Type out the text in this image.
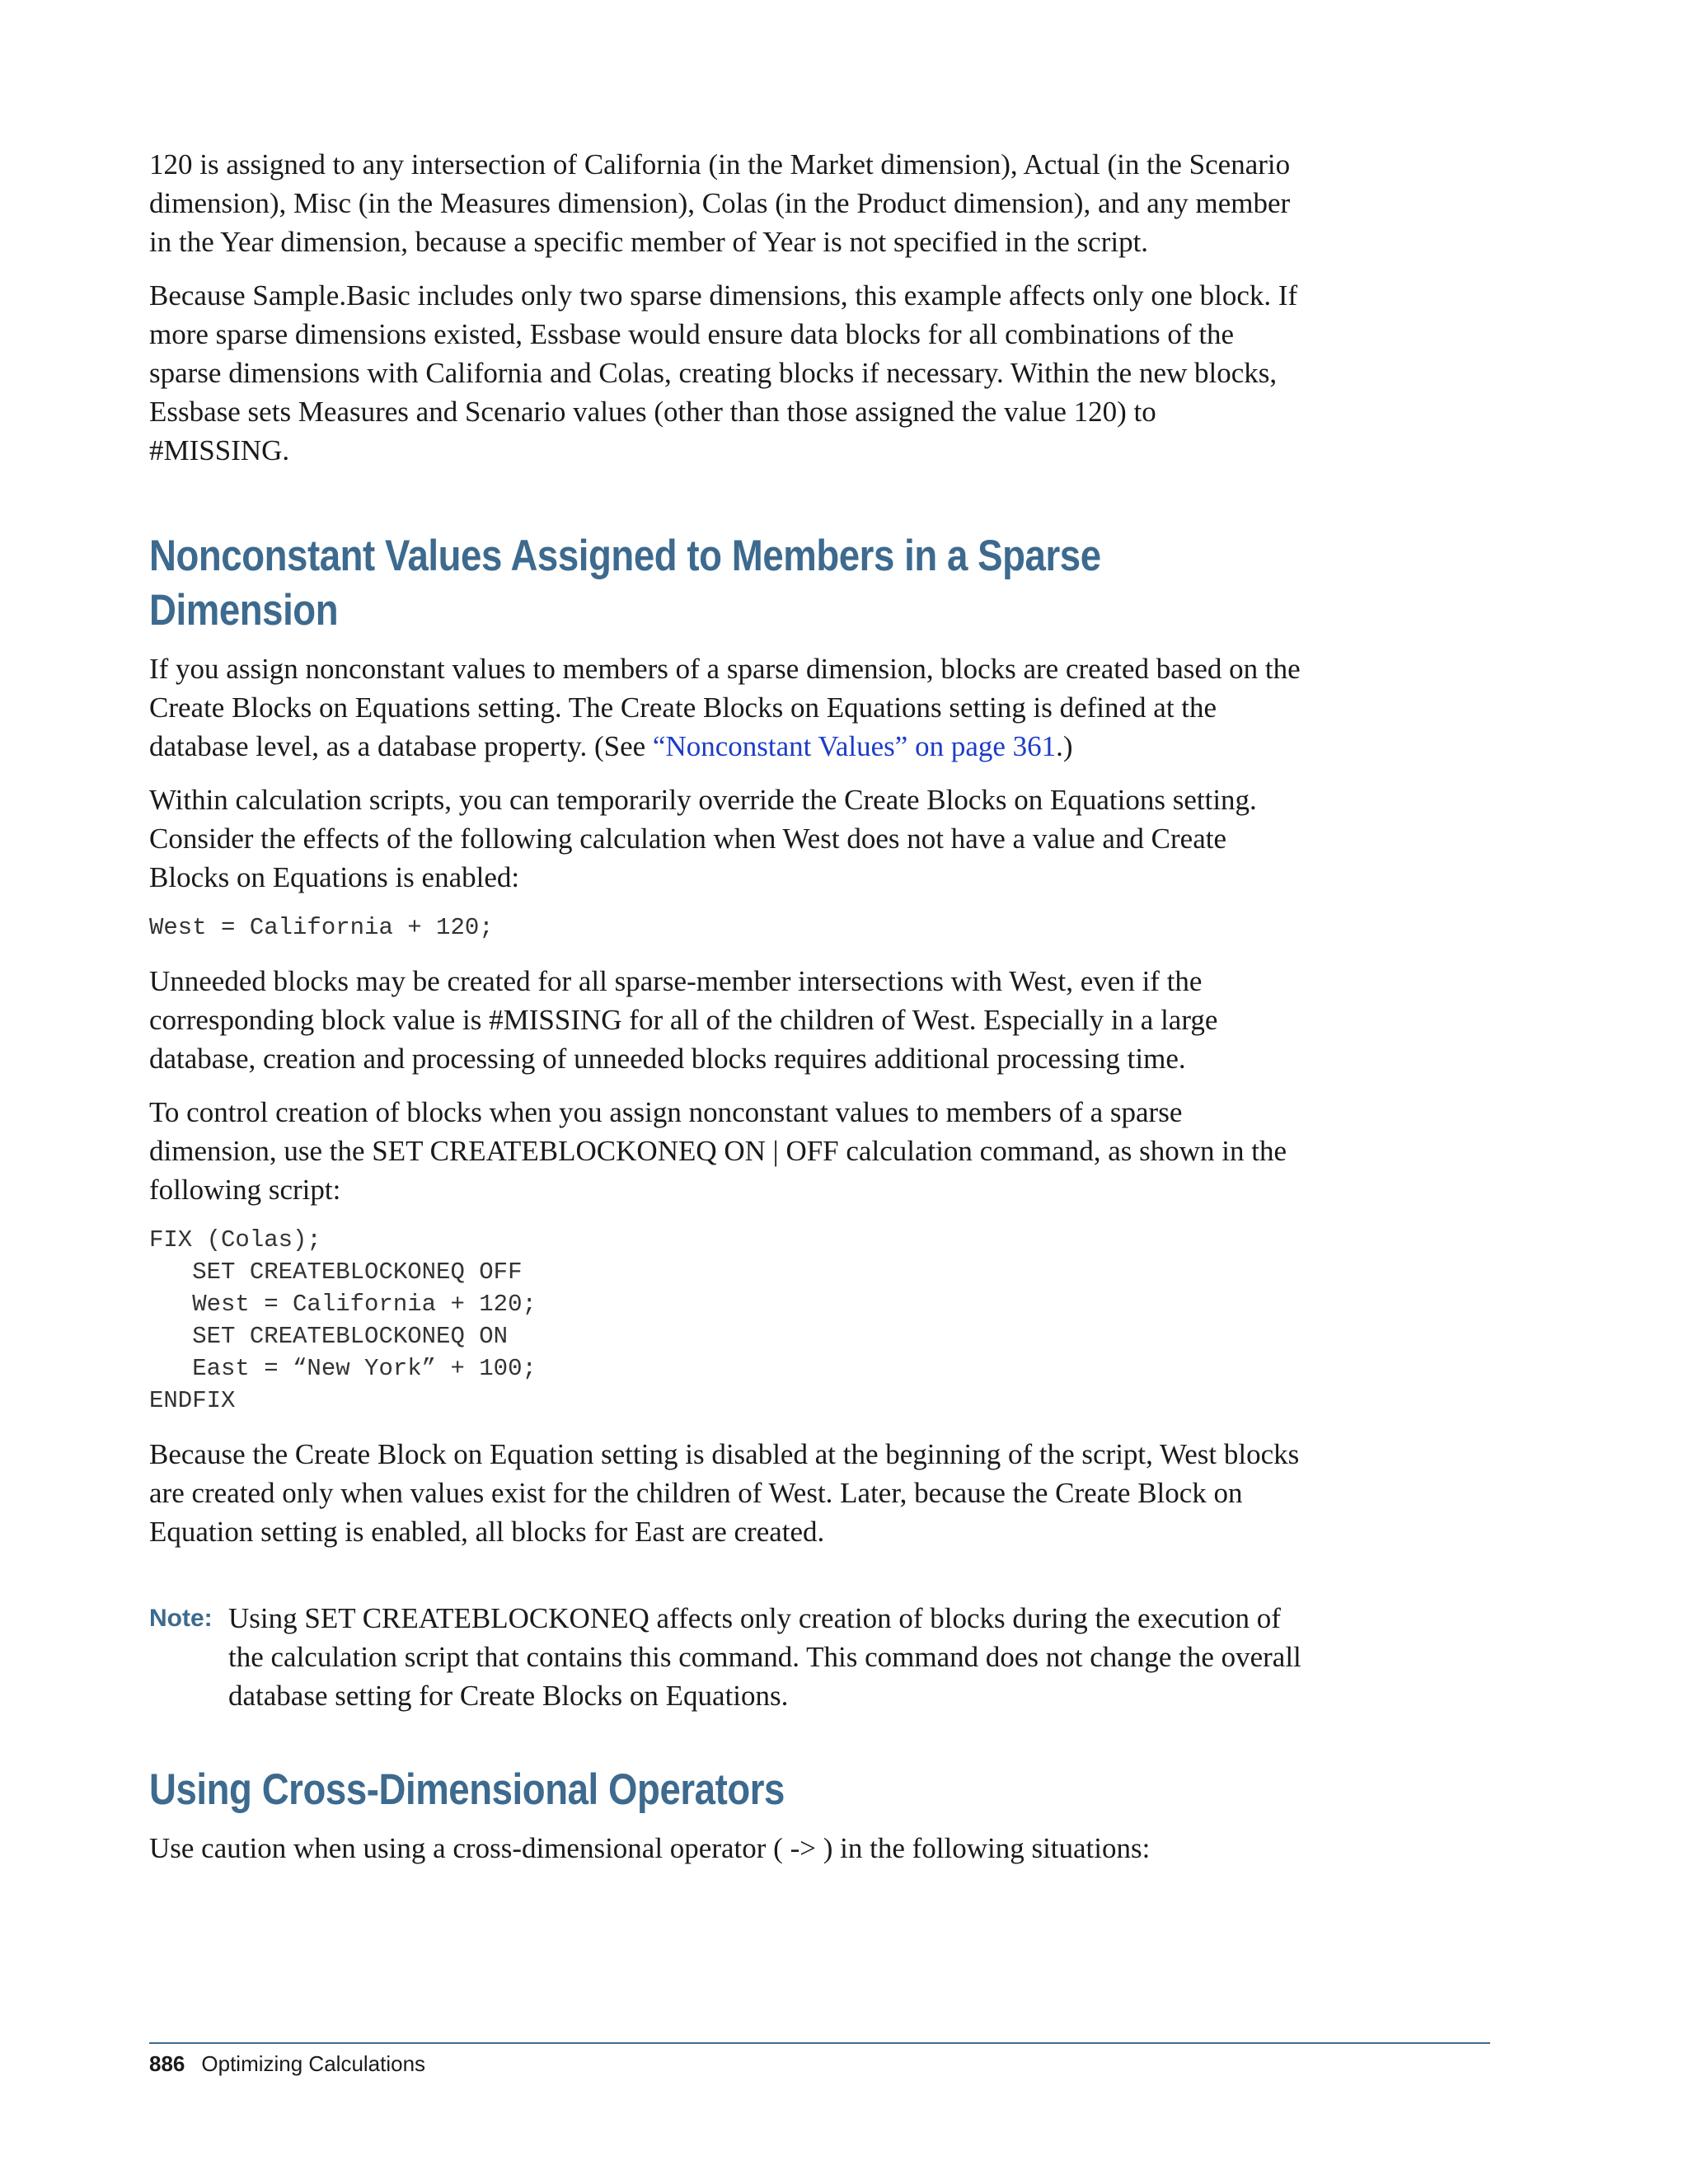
120 is assigned to any intersection of California (in the Market dimension), Actual (in the Scenario dimension), Misc (in the Measures dimension), Colas (in the Product dimension), and any member in the Year dimension, because a specific member of Year is not specified in the script.

Because Sample.Basic includes only two sparse dimensions, this example affects only one block. If more sparse dimensions existed, Essbase would ensure data blocks for all combinations of the sparse dimensions with California and Colas, creating blocks if necessary. Within the new blocks, Essbase sets Measures and Scenario values (other than those assigned the value 120) to #MISSING.

Nonconstant Values Assigned to Members in a Sparse Dimension

If you assign nonconstant values to members of a sparse dimension, blocks are created based on the Create Blocks on Equations setting. The Create Blocks on Equations setting is defined at the database level, as a database property. (See “Nonconstant Values” on page 361.)

Within calculation scripts, you can temporarily override the Create Blocks on Equations setting. Consider the effects of the following calculation when West does not have a value and Create Blocks on Equations is enabled:

West = California + 120;

Unneeded blocks may be created for all sparse-member intersections with West, even if the corresponding block value is #MISSING for all of the children of West. Especially in a large database, creation and processing of unneeded blocks requires additional processing time.

To control creation of blocks when you assign nonconstant values to members of a sparse dimension, use the SET CREATEBLOCKONEQ ON | OFF calculation command, as shown in the following script:

FIX (Colas);
SET CREATEBLOCKONEQ OFF
West = California + 120;
SET CREATEBLOCKONEQ ON
East = “New York” + 100;
ENDFIX

Because the Create Block on Equation setting is disabled at the beginning of the script, West blocks are created only when values exist for the children of West. Later, because the Create Block on Equation setting is enabled, all blocks for East are created.

Note: Using SET CREATEBLOCKONEQ affects only creation of blocks during the execution of the calculation script that contains this command. This command does not change the overall database setting for Create Blocks on Equations.
Using Cross-Dimensional Operators

Use caution when using a cross-dimensional operator ( -> ) in the following situations:

886 Optimizing Calculations
